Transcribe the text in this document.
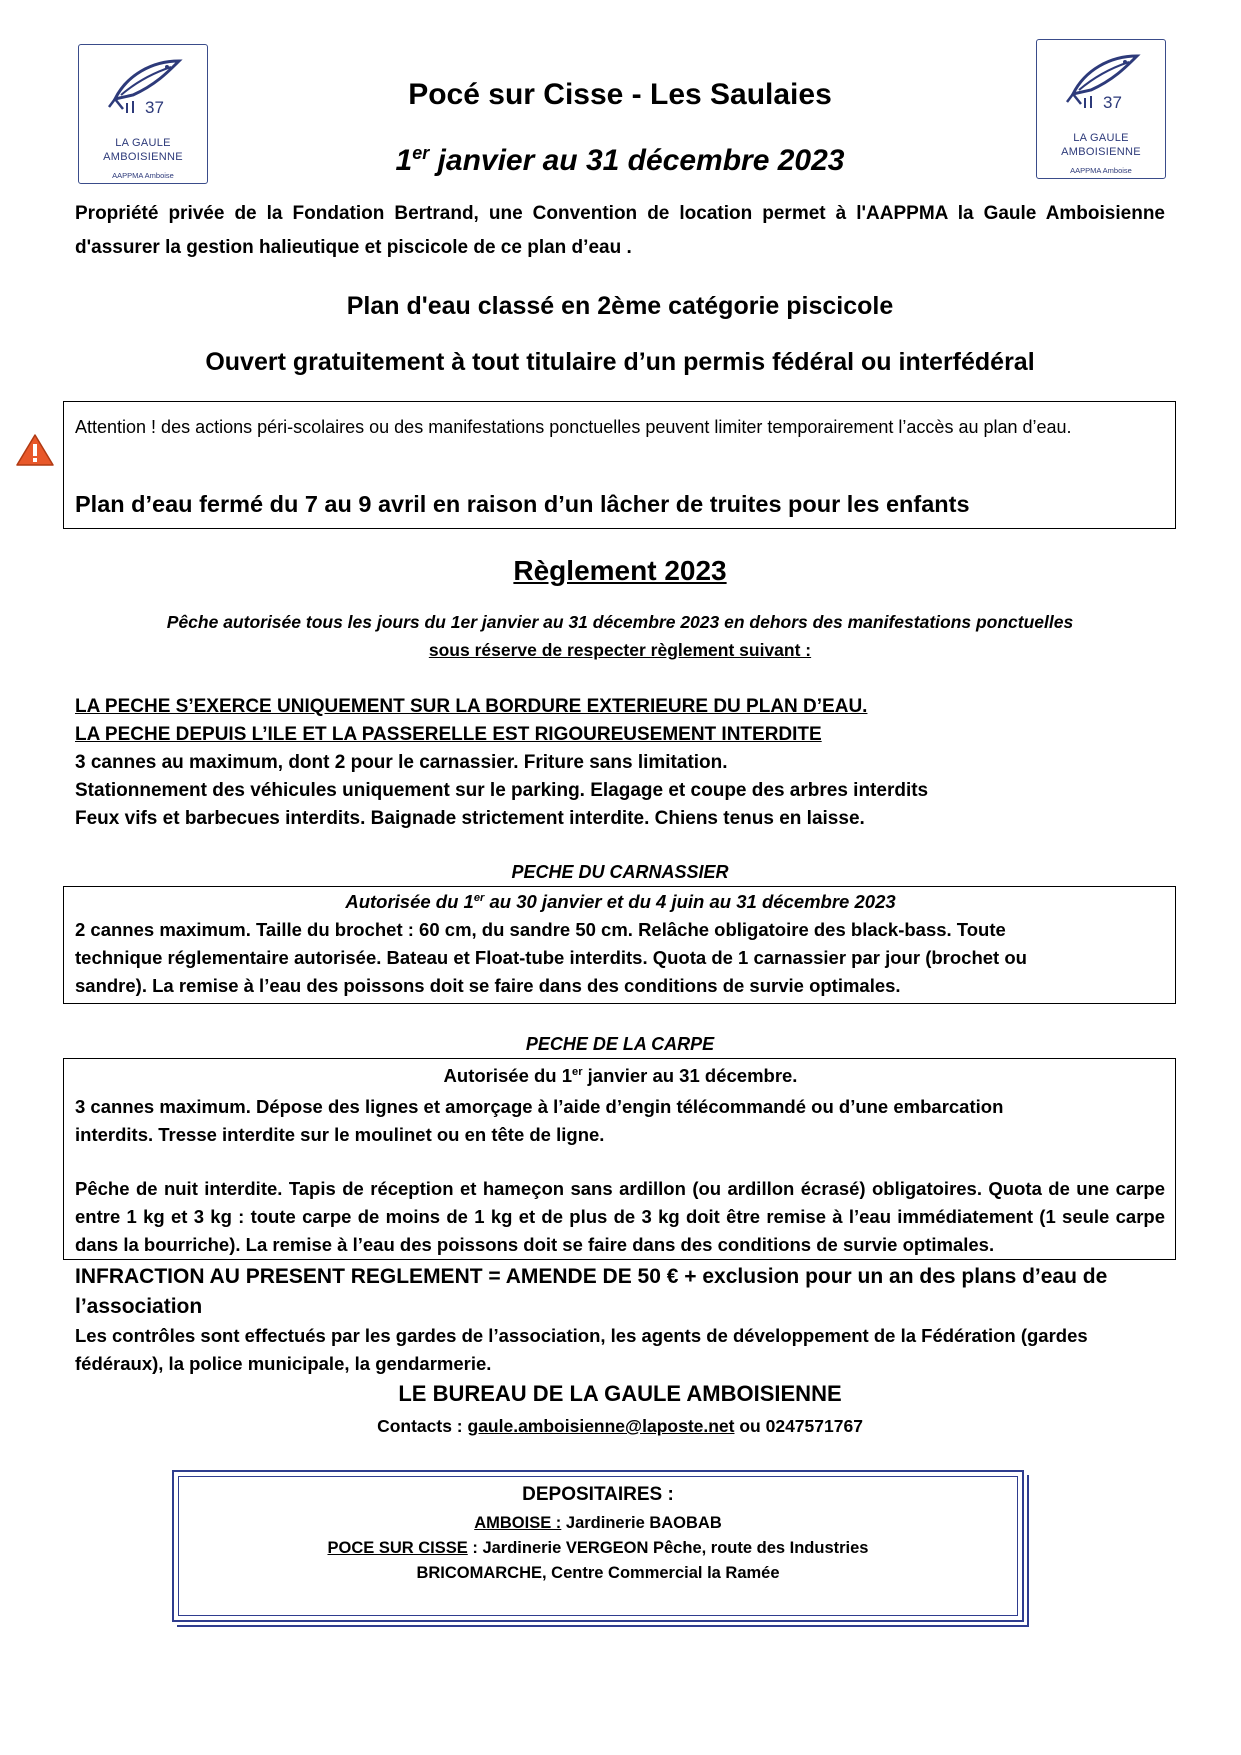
37
LA GAULE
AMBOISIENNE
AAPPMA Amboise
37
LA GAULE
AMBOISIENNE
AAPPMA Amboise
Pocé sur Cisse - Les Saulaies
1er janvier au 31 décembre 2023
Propriété privée de la Fondation Bertrand, une Convention de location permet à l'AAPPMA la Gaule Amboisienne d'assurer la gestion halieutique et piscicole de ce plan d’eau .
Plan d'eau classé en 2ème catégorie piscicole
Ouvert gratuitement à tout titulaire d’un permis fédéral ou interfédéral
Attention ! des actions péri-scolaires ou des manifestations ponctuelles peuvent limiter temporairement l’accès au plan d’eau.
Plan d’eau fermé du 7 au 9 avril en raison d’un lâcher de truites pour les enfants
Règlement 2023
Pêche autorisée tous les jours du 1er janvier au 31 décembre 2023 en dehors des manifestations ponctuelles
sous réserve de respecter règlement suivant :
LA PECHE S’EXERCE UNIQUEMENT SUR LA BORDURE EXTERIEURE DU PLAN D’EAU.
LA PECHE DEPUIS L’ILE ET LA PASSERELLE EST RIGOUREUSEMENT INTERDITE
3 cannes au maximum, dont 2 pour le carnassier. Friture sans limitation.
Stationnement des véhicules uniquement sur le parking. Elagage et coupe des arbres interdits
Feux vifs et barbecues interdits. Baignade strictement interdite. Chiens tenus en laisse.
PECHE DU CARNASSIER
Autorisée du 1er au 30 janvier et du 4 juin au 31 décembre 2023
2 cannes maximum. Taille du brochet : 60 cm, du sandre 50 cm. Relâche obligatoire des black-bass. Toute
technique réglementaire autorisée. Bateau et Float-tube interdits. Quota de 1 carnassier par jour (brochet ou
sandre). La remise à l’eau des poissons doit se faire dans des conditions de survie optimales.
PECHE DE LA CARPE
Autorisée du 1er janvier au 31 décembre.
3 cannes maximum. Dépose des lignes et amorçage à l’aide d’engin télécommandé ou d’une embarcation interdits. Tresse interdite sur le moulinet ou en tête de ligne.
Pêche de nuit interdite. Tapis de réception et hameçon sans ardillon (ou ardillon écrasé) obligatoires. Quota de une carpe entre 1 kg et 3 kg : toute carpe de moins de 1 kg et de plus de 3 kg doit être remise à l’eau immédiatement (1 seule carpe dans la bourriche). La remise à l’eau des poissons doit se faire dans des conditions de survie optimales.
INFRACTION AU PRESENT REGLEMENT = AMENDE DE 50 € + exclusion pour un an des plans d’eau de l’association
Les contrôles sont effectués par les gardes de l’association, les agents de développement de la Fédération (gardes fédéraux), la police municipale, la gendarmerie.
LE BUREAU DE LA GAULE AMBOISIENNE
Contacts : gaule.amboisienne@laposte.net ou 0247571767
DEPOSITAIRES :
AMBOISE : Jardinerie BAOBAB
POCE SUR CISSE : Jardinerie VERGEON Pêche, route des Industries
BRICOMARCHE, Centre Commercial la Ramée
